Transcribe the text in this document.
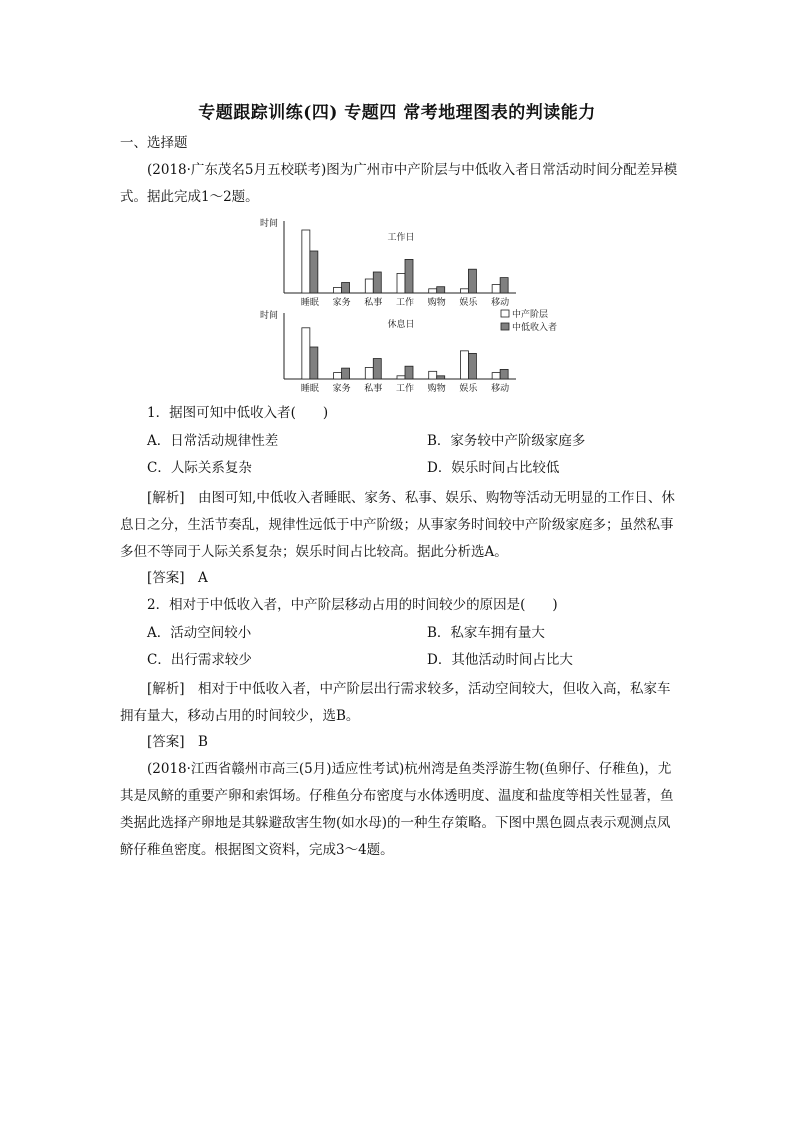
专题跟踪训练(四) 专题四 常考地理图表的判读能力

一、选择题

(2018·广东茂名5月五校联考)图为广州市中产阶层与中低收入者日常活动时间分配差异模式。据此完成1～2题。

时间
工作日
睡眠 家务 私事 工作 购物 娱乐 移动
时间
休息日
睡眠 家务 私事 工作 购物 娱乐 移动
中产阶层
中低收入者

1．据图可知中低收入者(　　)

A．日常活动规律性差	B．家务较中产阶级家庭多
C．人际关系复杂	D．娱乐时间占比较低

[解析]　 由图可知,中低收入者睡眠、家务、私事、娱乐、购物等活动无明显的工作日、休息日之分，生活节奏乱，规律性远低于中产阶级；从事家务时间较中产阶级家庭多；虽然私事多但不等同于人际关系复杂；娱乐时间占比较高。据此分析选A。

[答案]　 A

2．相对于中低收入者，中产阶层移动占用的时间较少的原因是(　　)

A．活动空间较小	B．私家车拥有量大
C．出行需求较少	D．其他活动时间占比大

[解析]　 相对于中低收入者，中产阶层出行需求较多，活动空间较大，但收入高，私家车拥有量大，移动占用的时间较少，选B。

[答案]　 B

(2018·江西省赣州市高三(5月)适应性考试)杭州湾是鱼类浮游生物(鱼卵仔、仔稚鱼)，尤其是凤鲚的重要产卵和索饵场。仔稚鱼分布密度与水体透明度、温度和盐度等相关性显著，鱼类据此选择产卵地是其躲避敌害生物(如水母)的一种生存策略。下图中黑色圆点表示观测点凤鲚仔稚鱼密度。根据图文资料，完成3～4题。
